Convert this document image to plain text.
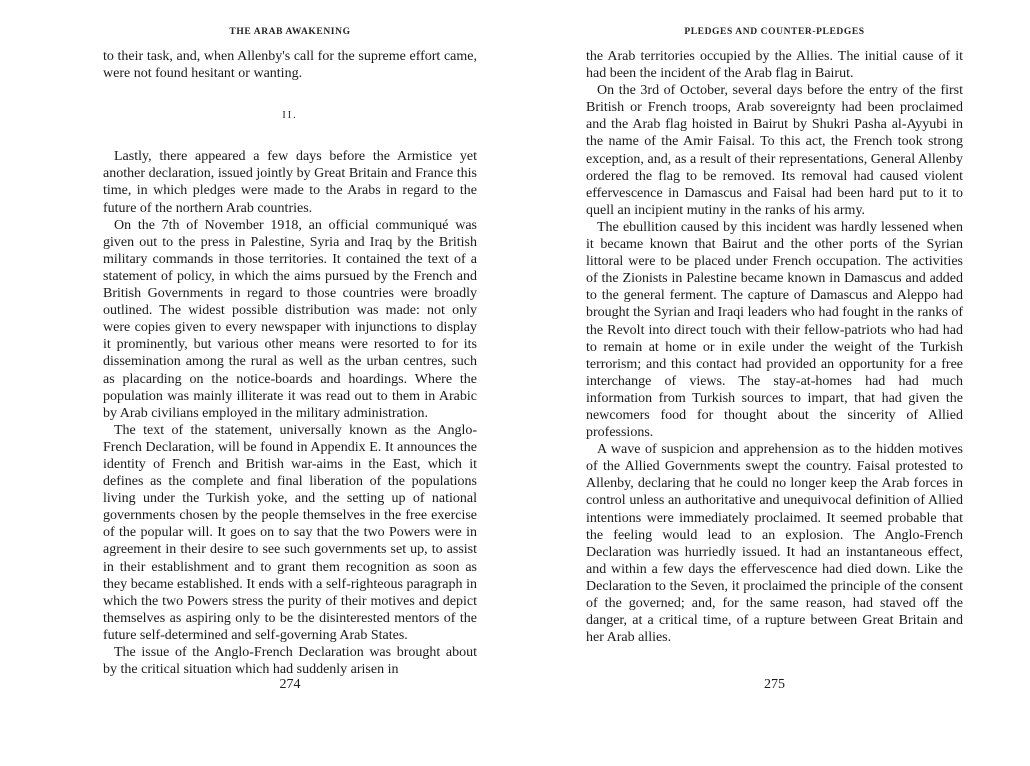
THE ARAB AWAKENING

to their task, and, when Allenby's call for the supreme effort came, were not found hesitant or wanting.

II.

Lastly, there appeared a few days before the Armistice yet another declaration, issued jointly by Great Britain and France this time, in which pledges were made to the Arabs in regard to the future of the northern Arab countries.

On the 7th of November 1918, an official communiqué was given out to the press in Palestine, Syria and Iraq by the British military commands in those territories. It contained the text of a statement of policy, in which the aims pursued by the French and British Governments in regard to those countries were broadly outlined. The widest possible distribution was made: not only were copies given to every newspaper with injunctions to display it prominently, but various other means were resorted to for its dissemination among the rural as well as the urban centres, such as placarding on the notice-boards and hoardings. Where the population was mainly illiterate it was read out to them in Arabic by Arab civilians employed in the military administration.

The text of the statement, universally known as the Anglo-French Declaration, will be found in Appendix E. It announces the identity of French and British war-aims in the East, which it defines as the complete and final liberation of the populations living under the Turkish yoke, and the setting up of national governments chosen by the people themselves in the free exercise of the popular will. It goes on to say that the two Powers were in agreement in their desire to see such governments set up, to assist in their establishment and to grant them recognition as soon as they became established. It ends with a self-righteous paragraph in which the two Powers stress the purity of their motives and depict themselves as aspiring only to be the disinterested mentors of the future self-determined and self-governing Arab States.

The issue of the Anglo-French Declaration was brought about by the critical situation which had suddenly arisen in

274
PLEDGES AND COUNTER-PLEDGES

the Arab territories occupied by the Allies. The initial cause of it had been the incident of the Arab flag in Bairut.

On the 3rd of October, several days before the entry of the first British or French troops, Arab sovereignty had been proclaimed and the Arab flag hoisted in Bairut by Shukri Pasha al-Ayyubi in the name of the Amir Faisal. To this act, the French took strong exception, and, as a result of their representations, General Allenby ordered the flag to be removed. Its removal had caused violent effervescence in Damascus and Faisal had been hard put to it to quell an incipient mutiny in the ranks of his army.

The ebullition caused by this incident was hardly lessened when it became known that Bairut and the other ports of the Syrian littoral were to be placed under French occupation. The activities of the Zionists in Palestine became known in Damascus and added to the general ferment. The capture of Damascus and Aleppo had brought the Syrian and Iraqi leaders who had fought in the ranks of the Revolt into direct touch with their fellow-patriots who had had to remain at home or in exile under the weight of the Turkish terrorism; and this contact had provided an opportunity for a free interchange of views. The stay-at-homes had had much information from Turkish sources to impart, that had given the newcomers food for thought about the sincerity of Allied professions.

A wave of suspicion and apprehension as to the hidden motives of the Allied Governments swept the country. Faisal protested to Allenby, declaring that he could no longer keep the Arab forces in control unless an authoritative and unequivocal definition of Allied intentions were immediately proclaimed. It seemed probable that the feeling would lead to an explosion. The Anglo-French Declaration was hurriedly issued. It had an instantaneous effect, and within a few days the effervescence had died down. Like the Declaration to the Seven, it proclaimed the principle of the consent of the governed; and, for the same reason, had staved off the danger, at a critical time, of a rupture between Great Britain and her Arab allies.

275
